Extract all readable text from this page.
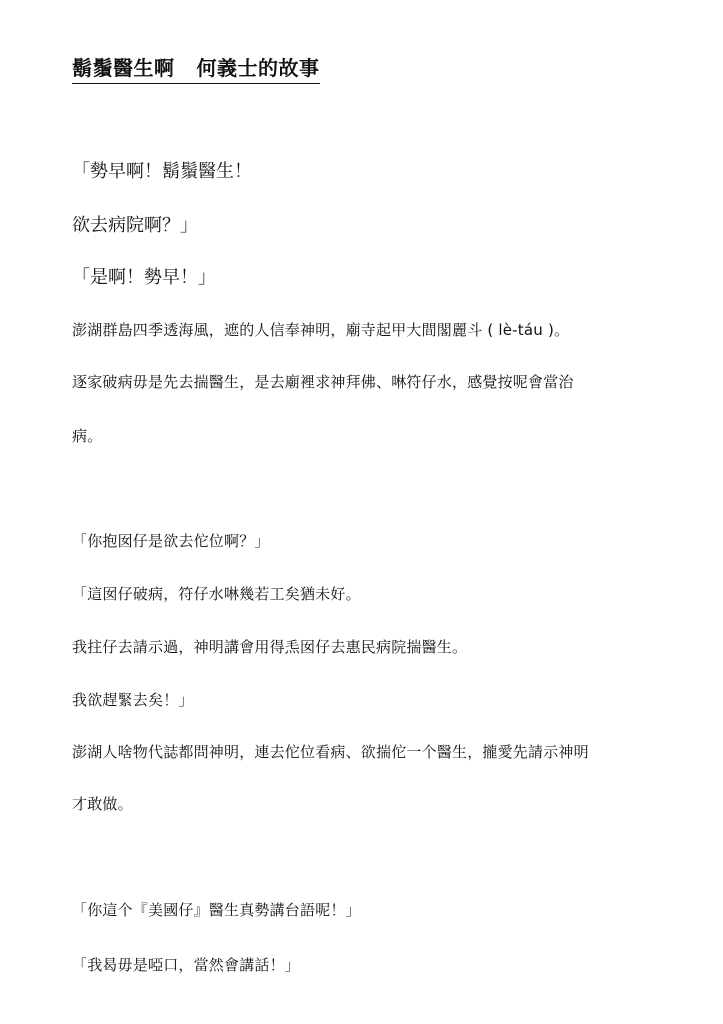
鬍鬚醫生啊 何義士的故事
「勢早啊！鬍鬚醫生！
欲去病院啊？」
「是啊！勢早！」
澎湖群島四季透海風，遮的人信奉神明，廟寺起甲大間閣麗斗 ( lè-táu )。
逐家破病毋是先去揣醫生，是去廟裡求神拜佛、啉符仔水，感覺按呢會當治
病。
「你抱囡仔是欲去佗位啊？」
「這囡仔破病，符仔水啉幾若工矣猶未好。
我拄仔去請示過，神明講會用得𤆬囡仔去惠民病院揣醫生。
我欲趕緊去矣！」
澎湖人啥物代誌都問神明，連去佗位看病、欲揣佗一个醫生，攏愛先請示神明
才敢做。
「你這个『美國仔』醫生真勢講台語呢！」
「我曷毋是啞口，當然會講話！」
